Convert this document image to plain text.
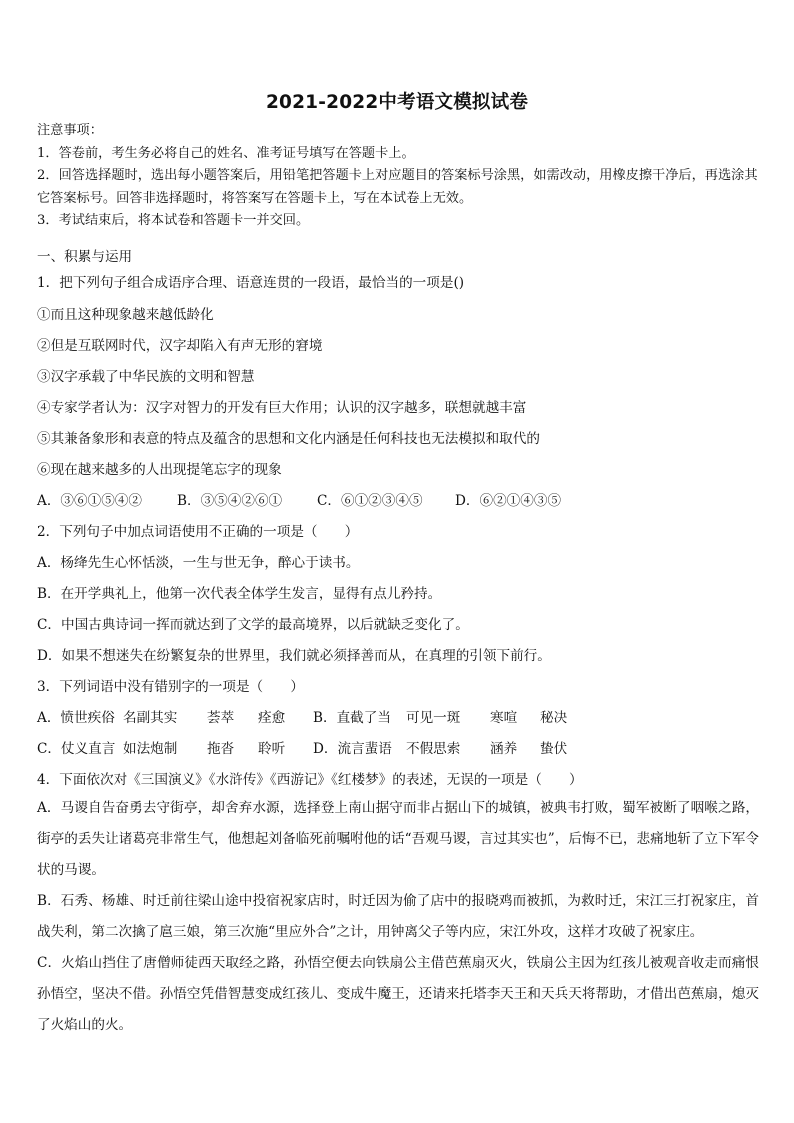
2021-2022中考语文模拟试卷
注意事项：
1．答卷前，考生务必将自己的姓名、准考证号填写在答题卡上。
2．回答选择题时，选出每小题答案后，用铅笔把答题卡上对应题目的答案标号涂黑，如需改动，用橡皮擦干净后，再选涂其它答案标号。回答非选择题时，将答案写在答题卡上，写在本试卷上无效。
3．考试结束后，将本试卷和答题卡一并交回。
一、积累与运用
1．把下列句子组合成语序合理、语意连贯的一段语，最恰当的一项是()
①而且这种现象越来越低龄化
②但是互联网时代，汉字却陷入有声无形的窘境
③汉字承载了中华民族的文明和智慧
④专家学者认为：汉字对智力的开发有巨大作用；认识的汉字越多，联想就越丰富
⑤其兼备象形和表意的特点及蕴含的思想和文化内涵是任何科技也无法模拟和取代的
⑥现在越来越多的人出现提笔忘字的现象
A．③⑥①⑤④②	B．③⑤④②⑥①	C．⑥①②③④⑤ D．⑥②①④③⑤
2．下列句子中加点词语使用不正确的一项是（　　）
A．杨绛先生心怀恬淡，一生与世无争，醉心于读书。
B．在开学典礼上，他第一次代表全体学生发言，显得有点儿矜持。
C．中国古典诗词一挥而就达到了文学的最高境界，以后就缺乏变化了。
D．如果不想迷失在纷繁复杂的世界里，我们就必须择善而从，在真理的引领下前行。
3．下列词语中没有错别字的一项是（　　）
A．愤世疾俗 名副其实 荟萃 痊愈 B．直截了当 可见一斑 寒喧 秘决
C．仗义直言 如法炮制 拖沓 聆听 D．流言蜚语 不假思索 涵养 蛰伏
4．下面依次对《三国演义》《水浒传》《西游记》《红楼梦》的表述，无误的一项是（　　）
A．马谡自告奋勇去守街亭，却舍弃水源，选择登上南山据守而非占据山下的城镇，被典韦打败，蜀军被断了咽喉之路，街亭的丢失让诸葛亮非常生气，他想起刘备临死前嘱咐他的话“吾观马谡，言过其实也”，后悔不已，悲痛地斩了立下军令状的马谡。
B．石秀、杨雄、时迁前往梁山途中投宿祝家店时，时迁因为偷了店中的报晓鸡而被抓，为救时迁，宋江三打祝家庄，首战失利，第二次擒了扈三娘，第三次施“里应外合”之计，用钟离父子等内应，宋江外攻，这样才攻破了祝家庄。
C．火焰山挡住了唐僧师徒西天取经之路，孙悟空便去向铁扇公主借芭蕉扇灭火，铁扇公主因为红孩儿被观音收走而痛恨孙悟空，坚决不借。孙悟空凭借智慧变成红孩儿、变成牛魔王，还请来托塔李天王和天兵天将帮助，才借出芭蕉扇，熄灭了火焰山的火。
